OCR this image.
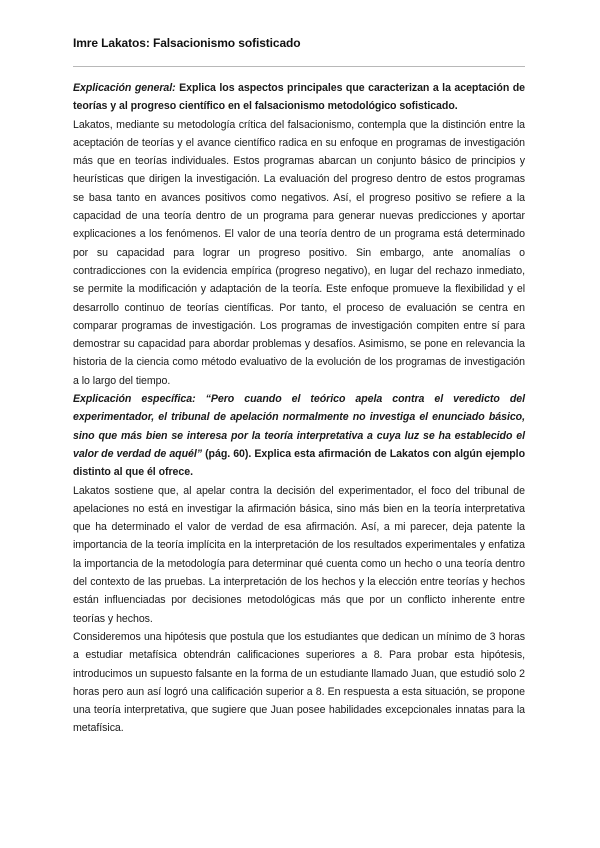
Imre Lakatos: Falsacionismo sofisticado

Explicación general: Explica los aspectos principales que caracterizan a la aceptación de teorías y al progreso científico en el falsacionismo metodológico sofisticado.

Lakatos, mediante su metodología crítica del falsacionismo, contempla que la distinción entre la aceptación de teorías y el avance científico radica en su enfoque en programas de investigación más que en teorías individuales. Estos programas abarcan un conjunto básico de principios y heurísticas que dirigen la investigación. La evaluación del progreso dentro de estos programas se basa tanto en avances positivos como negativos. Así, el progreso positivo se refiere a la capacidad de una teoría dentro de un programa para generar nuevas predicciones y aportar explicaciones a los fenómenos. El valor de una teoría dentro de un programa está determinado por su capacidad para lograr un progreso positivo. Sin embargo, ante anomalías o contradicciones con la evidencia empírica (progreso negativo), en lugar del rechazo inmediato, se permite la modificación y adaptación de la teoría. Este enfoque promueve la flexibilidad y el desarrollo continuo de teorías científicas. Por tanto, el proceso de evaluación se centra en comparar programas de investigación. Los programas de investigación compiten entre sí para demostrar su capacidad para abordar problemas y desafíos. Asimismo, se pone en relevancia la historia de la ciencia como método evaluativo de la evolución de los programas de investigación a lo largo del tiempo.

Explicación específica: “Pero cuando el teórico apela contra el veredicto del experimentador, el tribunal de apelación normalmente no investiga el enunciado básico, sino que más bien se interesa por la teoría interpretativa a cuya luz se ha establecido el valor de verdad de aquél” (pág. 60). Explica esta afirmación de Lakatos con algún ejemplo distinto al que él ofrece.

Lakatos sostiene que, al apelar contra la decisión del experimentador, el foco del tribunal de apelaciones no está en investigar la afirmación básica, sino más bien en la teoría interpretativa que ha determinado el valor de verdad de esa afirmación. Así, a mi parecer, deja patente la importancia de la teoría implícita en la interpretación de los resultados experimentales y enfatiza la importancia de la metodología para determinar qué cuenta como un hecho o una teoría dentro del contexto de las pruebas. La interpretación de los hechos y la elección entre teorías y hechos están influenciadas por decisiones metodológicas más que por un conflicto inherente entre teorías y hechos.

Consideremos una hipótesis que postula que los estudiantes que dedican un mínimo de 3 horas a estudiar metafísica obtendrán calificaciones superiores a 8. Para probar esta hipótesis, introducimos un supuesto falsante en la forma de un estudiante llamado Juan, que estudió solo 2 horas pero aun así logró una calificación superior a 8. En respuesta a esta situación, se propone una teoría interpretativa, que sugiere que Juan posee habilidades excepcionales innatas para la metafísica.
